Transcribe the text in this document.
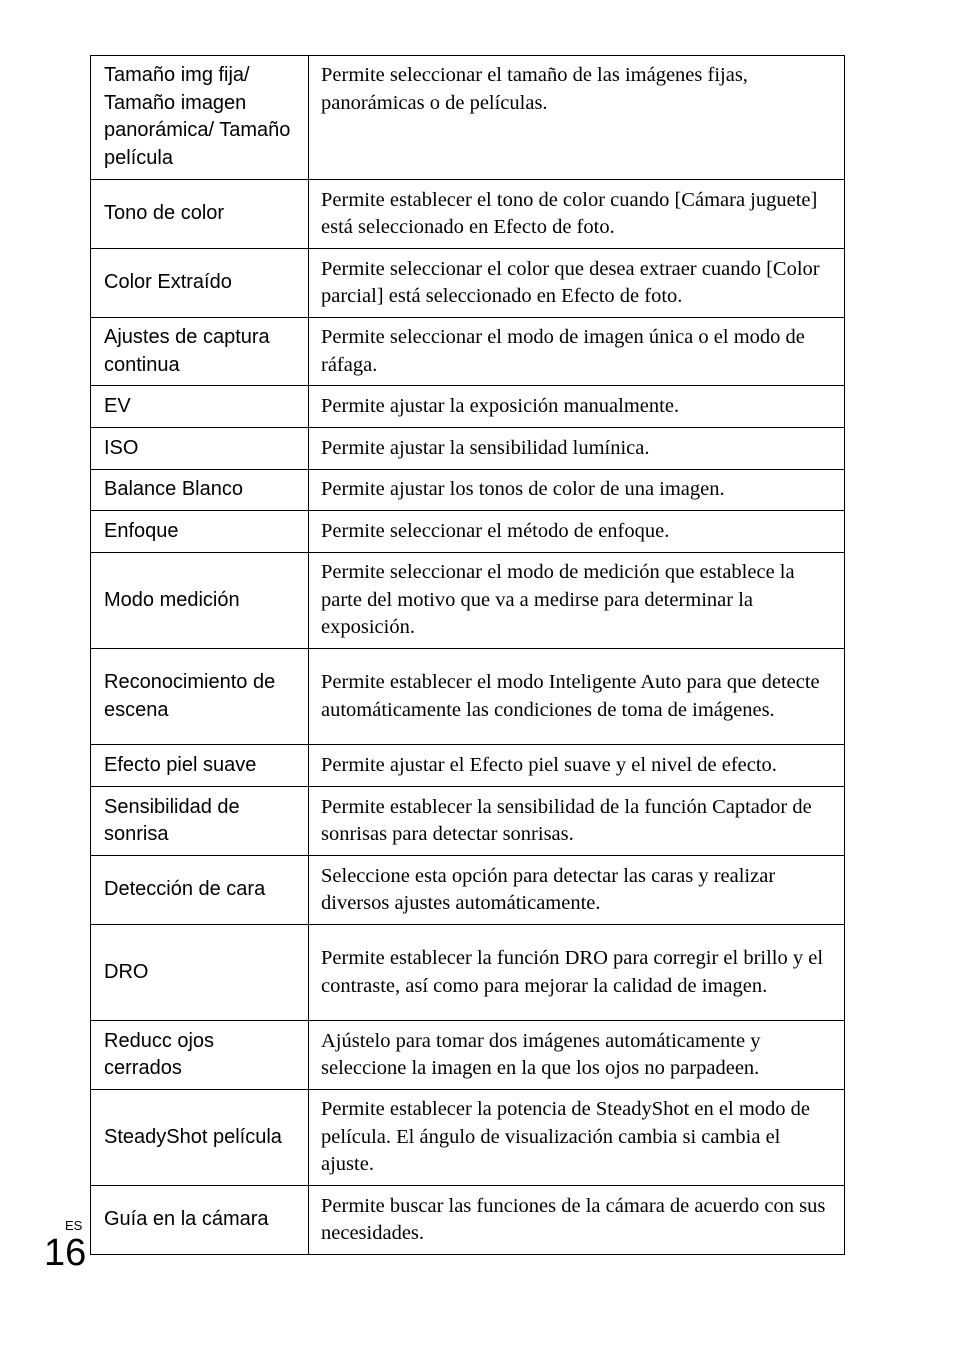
Tamaño img fija/ Tamaño imagen panorámica/ Tamaño película	Permite seleccionar el tamaño de las imágenes fijas, panorámicas o de películas.
Tono de color	Permite establecer el tono de color cuando [Cámara juguete] está seleccionado en Efecto de foto.
Color Extraído	Permite seleccionar el color que desea extraer cuando [Color parcial] está seleccionado en Efecto de foto.
Ajustes de captura continua	Permite seleccionar el modo de imagen única o el modo de ráfaga.
EV	Permite ajustar la exposición manualmente.
ISO	Permite ajustar la sensibilidad lumínica.
Balance Blanco	Permite ajustar los tonos de color de una imagen.
Enfoque	Permite seleccionar el método de enfoque.
Modo medición	Permite seleccionar el modo de medición que establece la parte del motivo que va a medirse para determinar la exposición.
Reconocimiento de escena	Permite establecer el modo Inteligente Auto para que detecte automáticamente las condiciones de toma de imágenes.
Efecto piel suave	Permite ajustar el Efecto piel suave y el nivel de efecto.
Sensibilidad de sonrisa	Permite establecer la sensibilidad de la función Captador de sonrisas para detectar sonrisas.
Detección de cara	Seleccione esta opción para detectar las caras y realizar diversos ajustes automáticamente.
DRO	Permite establecer la función DRO para corregir el brillo y el contraste, así como para mejorar la calidad de imagen.
Reducc ojos cerrados	Ajústelo para tomar dos imágenes automáticamente y seleccione la imagen en la que los ojos no parpadeen.
SteadyShot película	Permite establecer la potencia de SteadyShot en el modo de película. El ángulo de visualización cambia si cambia el ajuste.
Guía en la cámara	Permite buscar las funciones de la cámara de acuerdo con sus necesidades.
ES
16
